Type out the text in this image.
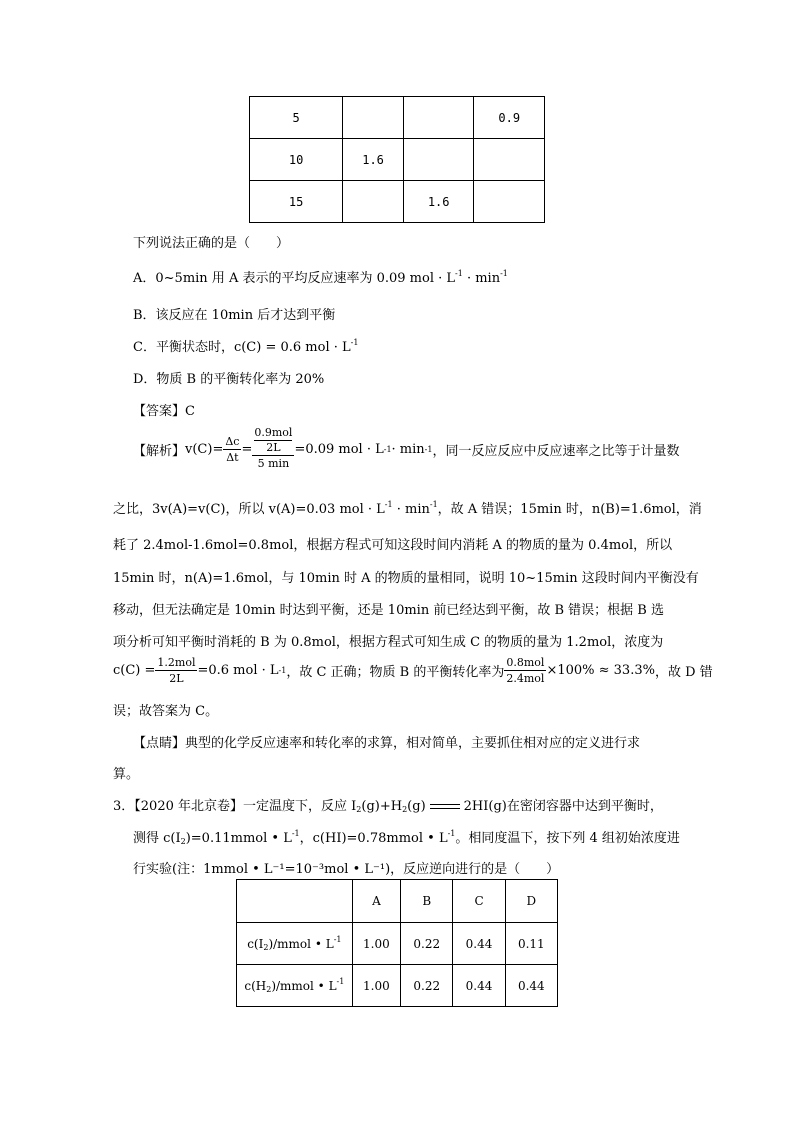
5			0.9
10	1.6		
15		1.6	
下列说法正确的是（　　）
A．0~5min 用 A 表示的平均反应速率为 0.09 mol · $L^{-1} \cdot \min^{-1}$
B．该反应在 10min 后才达到平衡
C．平衡状态时，c(C) = 0.6 mol · $L^{-1}$
D．物质 B 的平衡转化率为 20%
【答案】C
【解析】 $v(C)= \frac{\Delta c}{\Delta t}$ =
0.9mol
2L
5 min
=0.09 mol · L -1 · min -1 ，同一反应反应中反应速率之比等于计量数
之比，3v(A)=v(C)，所以 v(A)=0.03 mol · $L^{-1} \cdot \min^{-1}$，故 A 错误；15min 时，n(B)=1.6mol，消
耗了 2.4mol-1.6mol=0.8mol，根据方程式可知这段时间内消耗 A 的物质的量为 0.4mol，所以
15min 时，n(A)=1.6mol，与 10min 时 A 的物质的量相同，说明 10~15min 这段时间内平衡没有
移动，但无法确定是 10min 时达到平衡，还是 10min 前已经达到平衡，故 B 错误；根据 B 选
项分析可知平衡时消耗的 B 为 0.8mol，根据方程式可知生成 C 的物质的量为 1.2mol，浓度为
$c(C) = \frac{\text{1.2mol}}{2L} =0.6$ mol · L -1 ，故 C 正确；物质 B 的平衡转化率为 $\frac{\text{0.8mol}}{\text{2.4mol}} \times 100\% \approx 33.3\%$ ，故 D 错
误；故答案为 C。
【点睛】典型的化学反应速率和转化率的求算，相对简单，主要抓住相对应的定义进行求
算。
3．【2020 年北京卷】一定温度下，反应 $I_2(g)+H_2(g)$	2HI(g)在密闭容器中达到平衡时，
测得 $c(I_2)=0.11mmol$ • $L^{-1}$，c(HI)=0.78mmol • $L^{-1}$。相同度温下，按下列 4 组初始浓度进
行实验(注：1mmol • L⁻¹=10⁻³mol • L⁻¹)，反应逆向进行的是（　　）
	A	B	C	D
$c(I_2)$/mmol • $L^{-1}$	1.00	0.22	0.44	0.11
$c(H_2)$/mmol • $L^{-1}$	1.00	0.22	0.44	0.44
